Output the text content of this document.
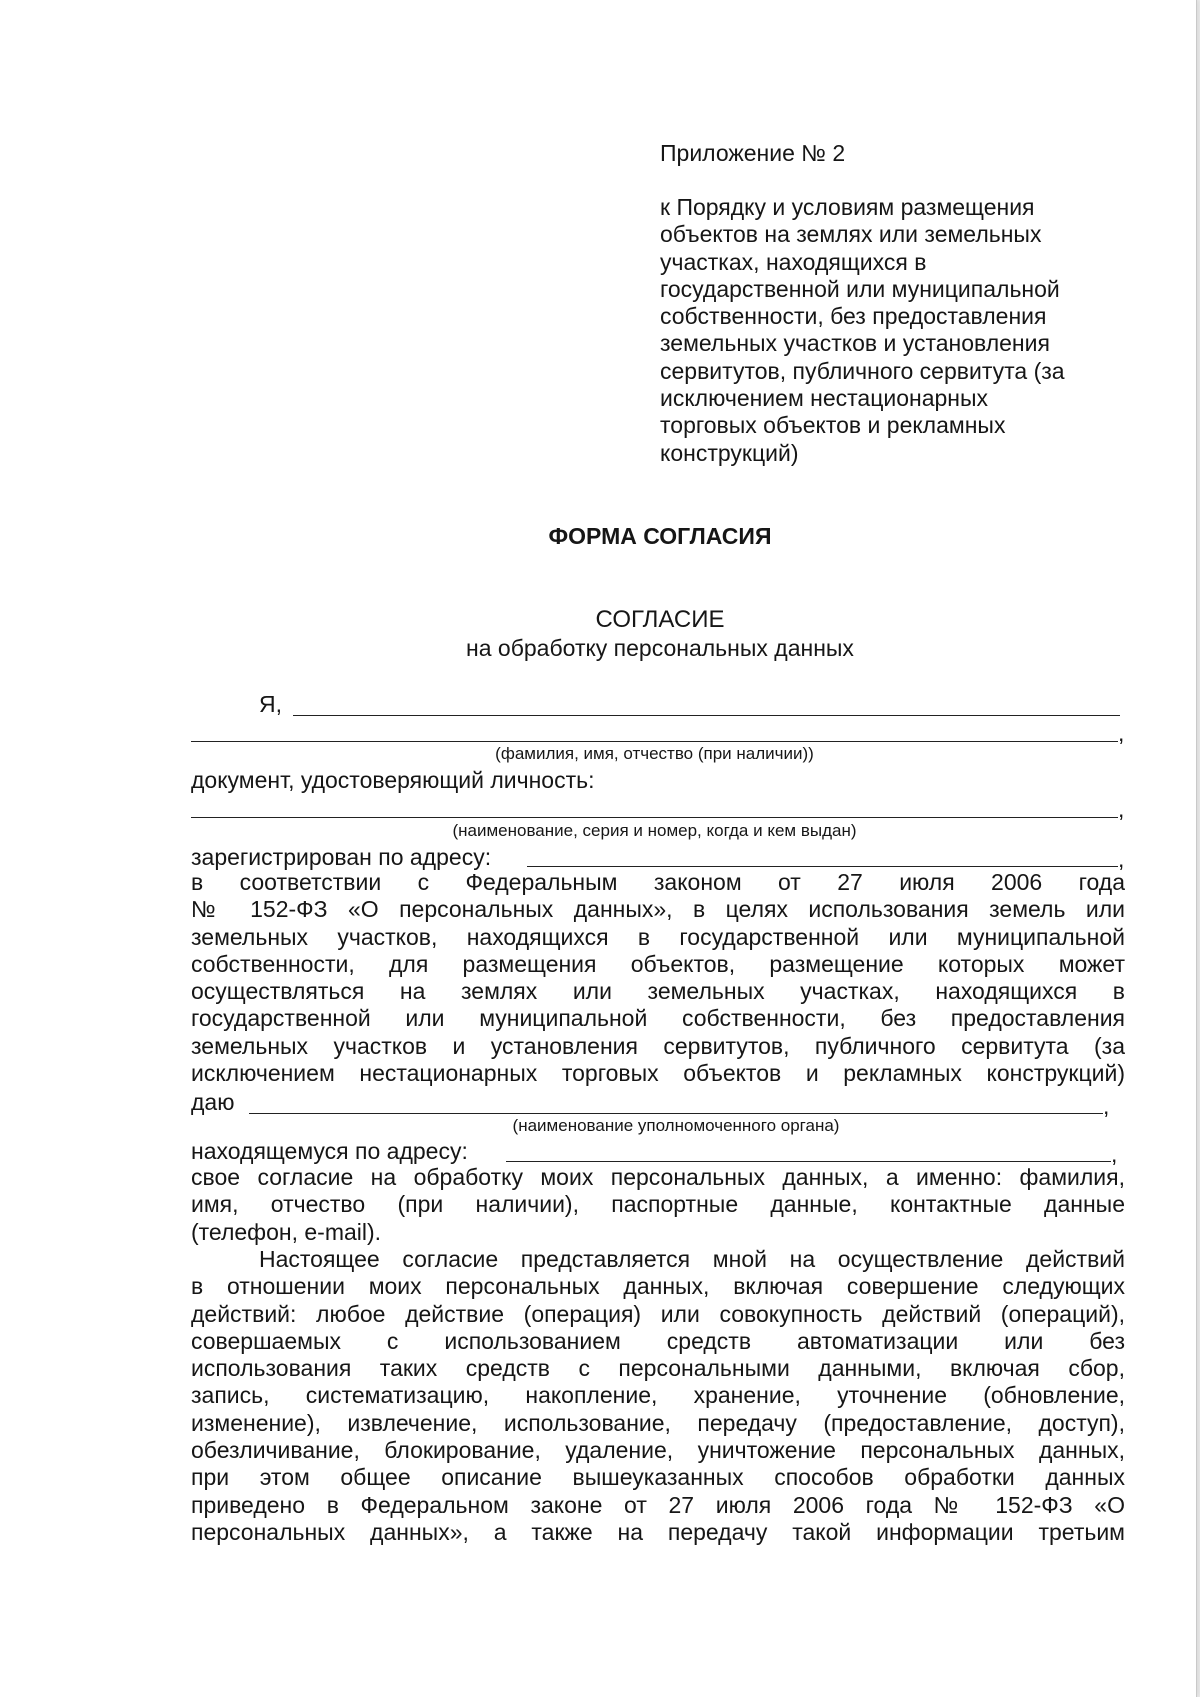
Приложение № 2

к Порядку и условиям размещения
объектов на землях или земельных
участках, находящихся в
государственной или муниципальной
собственности, без предоставления
земельных участков и установления
сервитутов, публичного сервитута (за
исключением нестационарных
торговых объектов и рекламных
конструкций)
ФОРМА СОГЛАСИЯ
СОГЛАСИЕ
на обработку персональных данных
Я,
,
(фамилия, имя, отчество (при наличии))
документ, удостоверяющий личность:
,
(наименование, серия и номер, когда и кем выдан)
зарегистрирован по адресу:	,
в соответствии с Федеральным законом от 27 июля 2006 года
№ 152-ФЗ «О персональных данных», в целях использования земель или
земельных участков, находящихся в государственной или муниципальной
собственности, для размещения объектов, размещение которых может
осуществляться на землях или земельных участках, находящихся в
государственной или муниципальной собственности, без предоставления
земельных участков и установления сервитутов, публичного сервитута (за
исключением нестационарных торговых объектов и рекламных конструкций)
даю	,
(наименование уполномоченного органа)
находящемуся по адресу:	,
свое согласие на обработку моих персональных данных, а именно: фамилия,
имя, отчество (при наличии), паспортные данные, контактные данные
(телефон, e-mail).
Настоящее согласие представляется мной на осуществление действий
в отношении моих персональных данных, включая совершение следующих
действий: любое действие (операция) или совокупность действий (операций),
совершаемых с использованием средств автоматизации или без
использования таких средств с персональными данными, включая сбор,
запись, систематизацию, накопление, хранение, уточнение (обновление,
изменение), извлечение, использование, передачу (предоставление, доступ),
обезличивание, блокирование, удаление, уничтожение персональных данных,
при этом общее описание вышеуказанных способов обработки данных
приведено в Федеральном законе от 27 июля 2006 года № 152-ФЗ «О
персональных данных», а также на передачу такой информации третьим
